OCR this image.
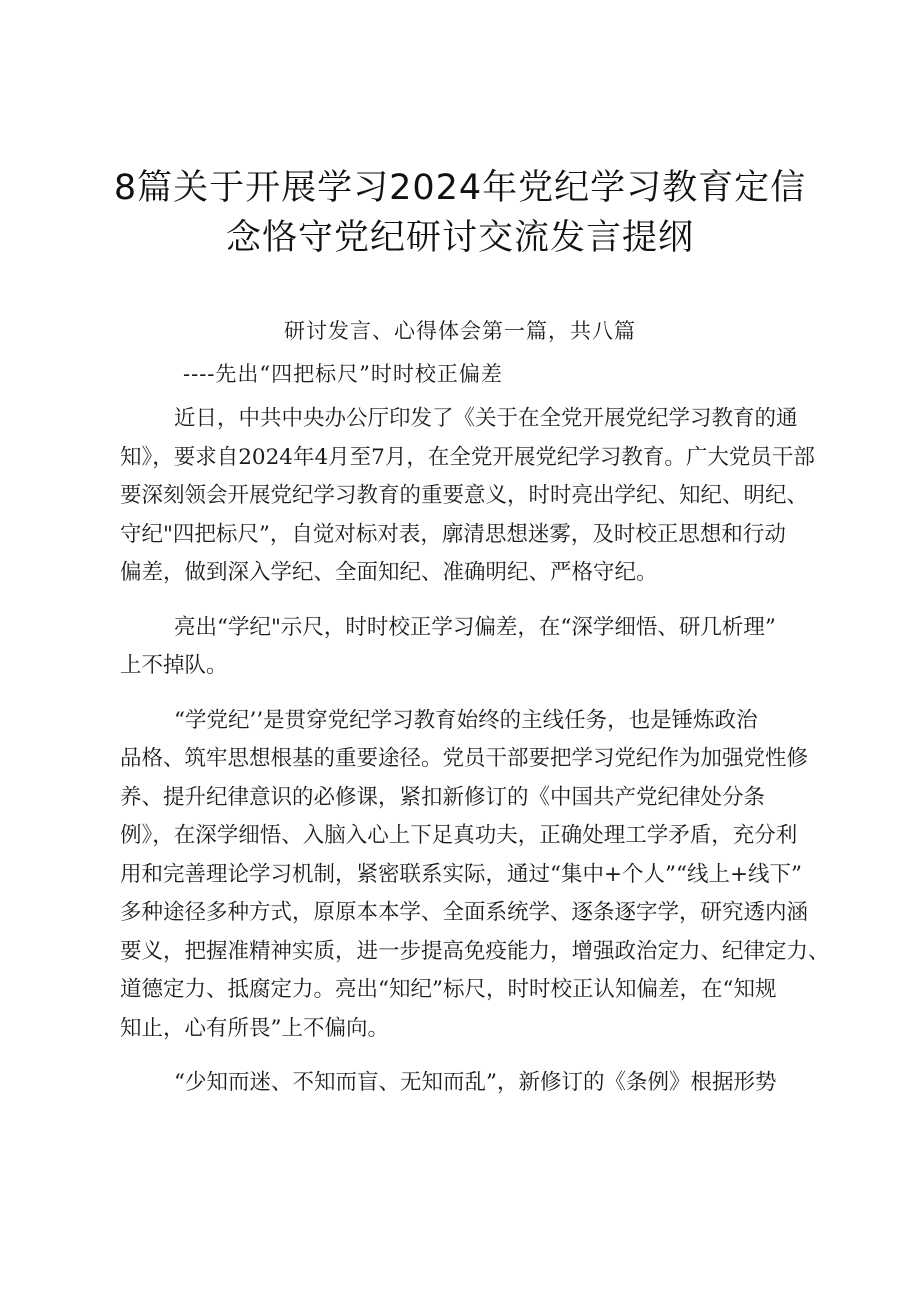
8篇关于开展学习2024年党纪学习教育定信
念恪守党纪研讨交流发言提纲
研讨发言、心得体会第一篇，共八篇
----先出“四把标尺”时时校正偏差
近日，中共中央办公厅印发了《关于在全党开展党纪学习教育的通
知》，要求自2024年4月至7月，在全党开展党纪学习教育。广大党员干部
要深刻领会开展党纪学习教育的重要意义，时时亮出学纪、知纪、明纪、
守纪"四把标尺”，自觉对标对表，廓清思想迷雾，及时校正思想和行动
偏差，做到深入学纪、全面知纪、准确明纪、严格守纪。
亮出“学纪"示尺，时时校正学习偏差，在“深学细悟、研几析理”
上不掉队。
“学党纪’’是贯穿党纪学习教育始终的主线任务，也是锤炼政治
品格、筑牢思想根基的重要途径。党员干部要把学习党纪作为加强党性修
养、提升纪律意识的必修课，紧扣新修订的《中国共产党纪律处分条
例》，在深学细悟、入脑入心上下足真功夫，正确处理工学矛盾，充分利
用和完善理论学习机制，紧密联系实际，通过“集中+个人”“线上+线下”
多种途径多种方式，原原本本学、全面系统学、逐条逐字学，研究透内涵
要义，把握准精神实质，进一步提高免疫能力，增强政治定力、纪律定力、
道德定力、抵腐定力。亮出“知纪”标尺，时时校正认知偏差，在“知规
知止，心有所畏”上不偏向。
“少知而迷、不知而盲、无知而乱”，新修订的《条例》根据形势
